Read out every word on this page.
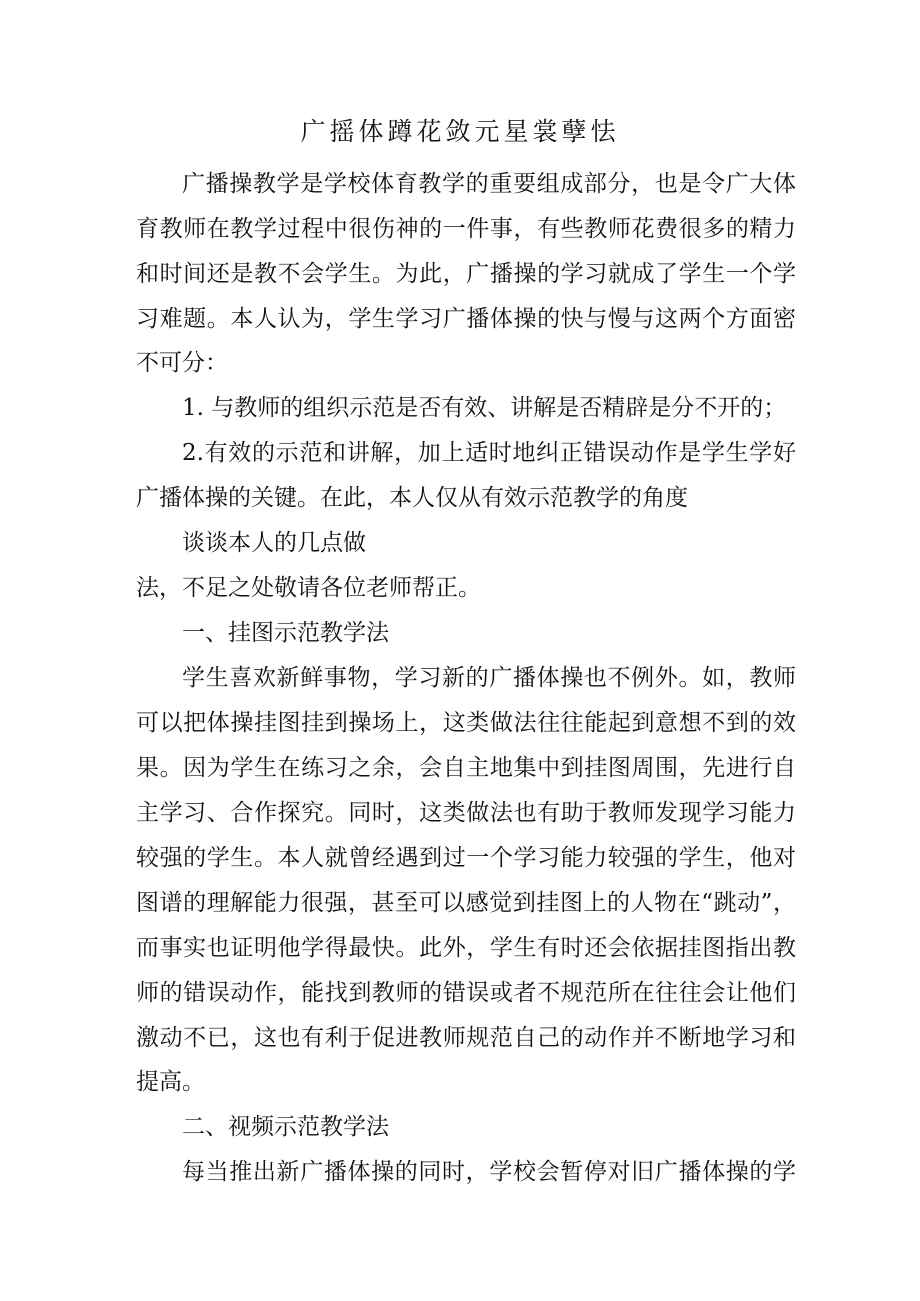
广摇体蹲花敛元星裳孽怯
广播操教学是学校体育教学的重要组成部分，也是令广大体
育教师在教学过程中很伤神的一件事，有些教师花费很多的精力
和时间还是教不会学生。为此，广播操的学习就成了学生一个学
习难题。本人认为，学生学习广播体操的快与慢与这两个方面密
不可分：
1. 与教师的组织示范是否有效、讲解是否精辟是分不开的；
2.有效的示范和讲解，加上适时地纠正错误动作是学生学好
广播体操的关键。在此，本人仅从有效示范教学的角度
谈谈本人的几点做
法，不足之处敬请各位老师帮正。
一、挂图示范教学法
学生喜欢新鲜事物，学习新的广播体操也不例外。如，教师
可以把体操挂图挂到操场上，这类做法往往能起到意想不到的效
果。因为学生在练习之余，会自主地集中到挂图周围，先进行自
主学习、合作探究。同时，这类做法也有助于教师发现学习能力
较强的学生。本人就曾经遇到过一个学习能力较强的学生，他对
图谱的理解能力很强，甚至可以感觉到挂图上的人物在“跳动”，
而事实也证明他学得最快。此外，学生有时还会依据挂图指出教
师的错误动作，能找到教师的错误或者不规范所在往往会让他们
激动不已，这也有利于促进教师规范自己的动作并不断地学习和
提高。
二、视频示范教学法
每当推出新广播体操的同时，学校会暂停对旧广播体操的学
